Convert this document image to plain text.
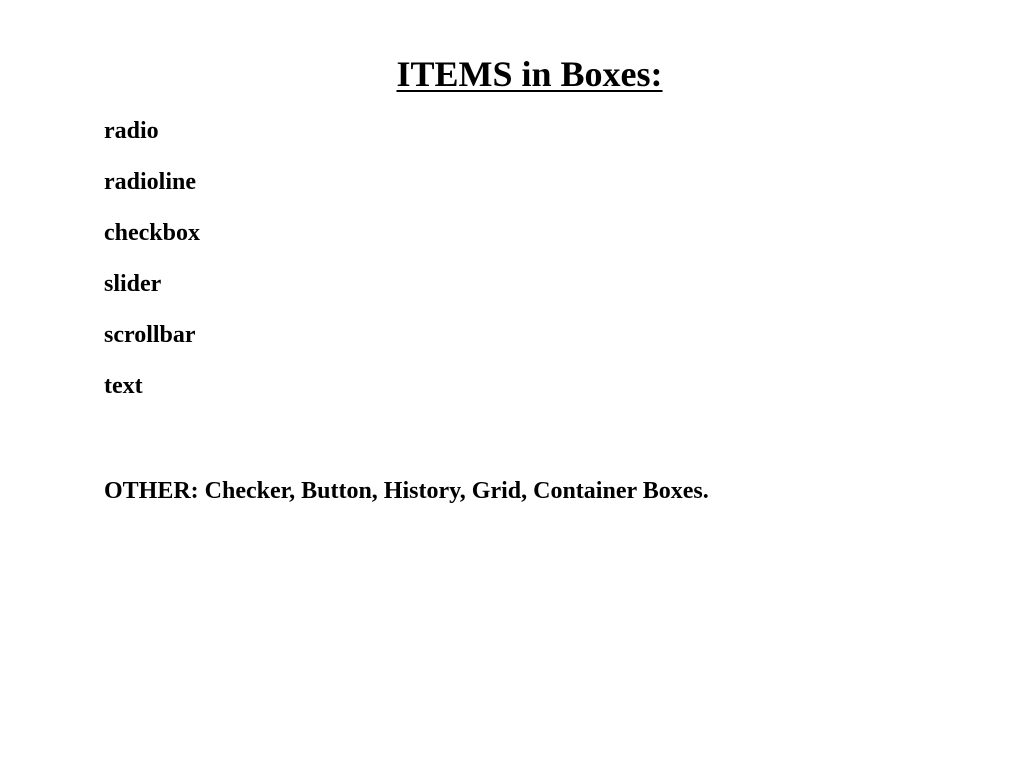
ITEMS in Boxes:
radio
radioline
checkbox
slider
scrollbar
text
OTHER: Checker, Button, History, Grid, Container Boxes.
